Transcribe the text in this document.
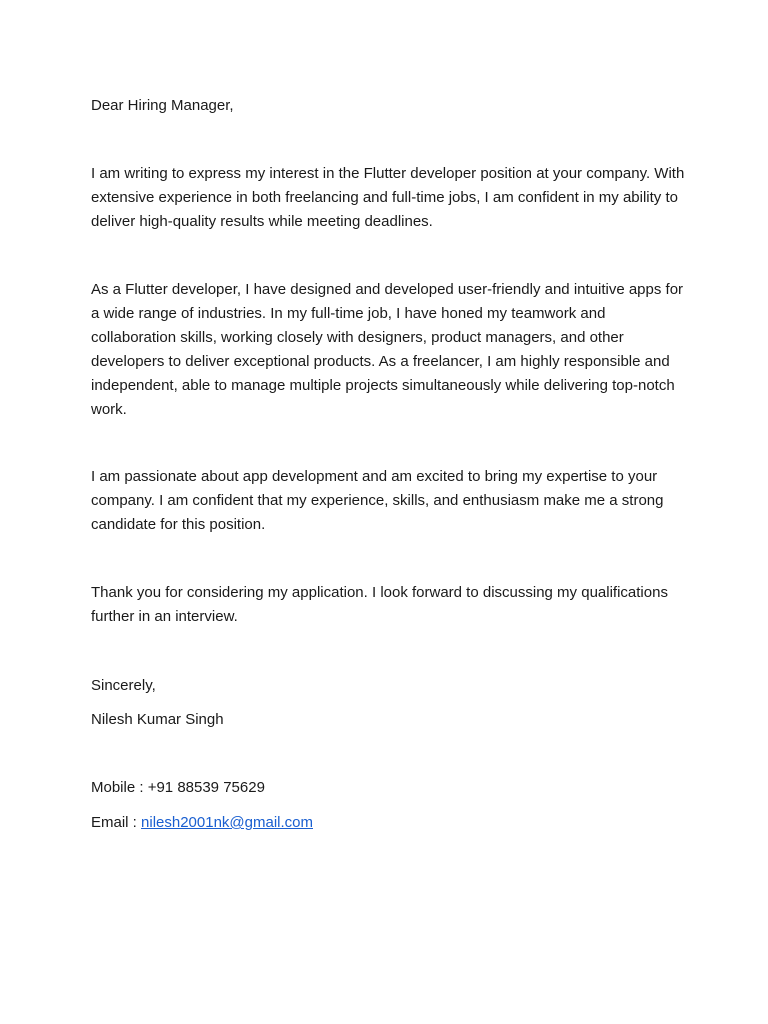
Dear Hiring Manager,

I am writing to express my interest in the Flutter developer position at your company. With extensive experience in both freelancing and full-time jobs, I am confident in my ability to deliver high-quality results while meeting deadlines.

As a Flutter developer, I have designed and developed user-friendly and intuitive apps for a wide range of industries. In my full-time job, I have honed my teamwork and collaboration skills, working closely with designers, product managers, and other developers to deliver exceptional products. As a freelancer, I am highly responsible and independent, able to manage multiple projects simultaneously while delivering top-notch work.

I am passionate about app development and am excited to bring my expertise to your company. I am confident that my experience, skills, and enthusiasm make me a strong candidate for this position.

Thank you for considering my application. I look forward to discussing my qualifications further in an interview.

Sincerely,

Nilesh Kumar Singh

Mobile : +91 88539 75629

Email : nilesh2001nk@gmail.com
